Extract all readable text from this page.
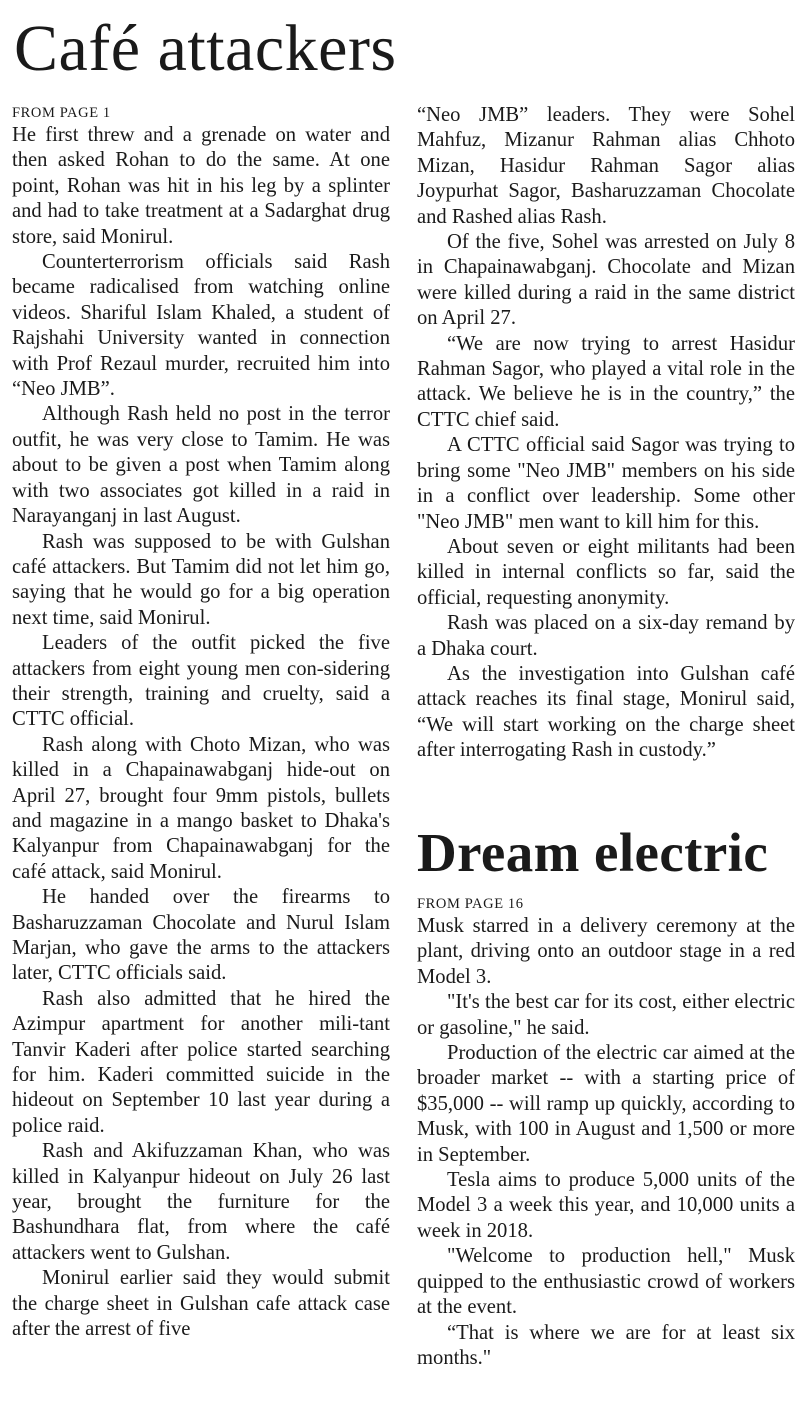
Café attackers
FROM PAGE 1

He first threw and a grenade on water and then asked Rohan to do the same. At one point, Rohan was hit in his leg by a splinter and had to take treatment at a Sadarghat drug store, said Monirul.

Counterterrorism officials said Rash became radicalised from watching online videos. Shariful Islam Khaled, a student of Rajshahi University wanted in connection with Prof Rezaul murder, recruited him into “Neo JMB”.

Although Rash held no post in the terror outfit, he was very close to Tamim. He was about to be given a post when Tamim along with two associates got killed in a raid in Narayanganj in last August.

Rash was supposed to be with Gulshan café attackers. But Tamim did not let him go, saying that he would go for a big operation next time, said Monirul.

Leaders of the outfit picked the five attackers from eight young men con-sidering their strength, training and cruelty, said a CTTC official.

Rash along with Choto Mizan, who was killed in a Chapainawabganj hide-out on April 27, brought four 9mm pistols, bullets and magazine in a mango basket to Dhaka's Kalyanpur from Chapainawabganj for the café attack, said Monirul.

He handed over the firearms to Basharuzzaman Chocolate and Nurul Islam Marjan, who gave the arms to the attackers later, CTTC officials said.

Rash also admitted that he hired the Azimpur apartment for another mili-tant Tanvir Kaderi after police started searching for him. Kaderi committed suicide in the hideout on September 10 last year during a police raid.

Rash and Akifuzzaman Khan, who was killed in Kalyanpur hideout on July 26 last year, brought the furniture for the Bashundhara flat, from where the café attackers went to Gulshan.

Monirul earlier said they would submit the charge sheet in Gulshan cafe attack case after the arrest of five

“Neo JMB” leaders. They were Sohel Mahfuz, Mizanur Rahman alias Chhoto Mizan, Hasidur Rahman Sagor alias Joypurhat Sagor, Basharuzzaman Chocolate and Rashed alias Rash.

Of the five, Sohel was arrested on July 8 in Chapainawabganj. Chocolate and Mizan were killed during a raid in the same district on April 27.

“We are now trying to arrest Hasidur Rahman Sagor, who played a vital role in the attack. We believe he is in the country,” the CTTC chief said.

A CTTC official said Sagor was trying to bring some "Neo JMB" members on his side in a conflict over leadership. Some other "Neo JMB" men want to kill him for this.

About seven or eight militants had been killed in internal conflicts so far, said the official, requesting anonymity.

Rash was placed on a six-day remand by a Dhaka court.

As the investigation into Gulshan café attack reaches its final stage, Monirul said, “We will start working on the charge sheet after interrogating Rash in custody.”

Dream electric
FROM PAGE 16

Musk starred in a delivery ceremony at the plant, driving onto an outdoor stage in a red Model 3.

"It's the best car for its cost, either electric or gasoline," he said.

Production of the electric car aimed at the broader market -- with a starting price of $35,000 -- will ramp up quickly, according to Musk, with 100 in August and 1,500 or more in September.

Tesla aims to produce 5,000 units of the Model 3 a week this year, and 10,000 units a week in 2018.

"Welcome to production hell," Musk quipped to the enthusiastic crowd of workers at the event.

“That is where we are for at least six months."
